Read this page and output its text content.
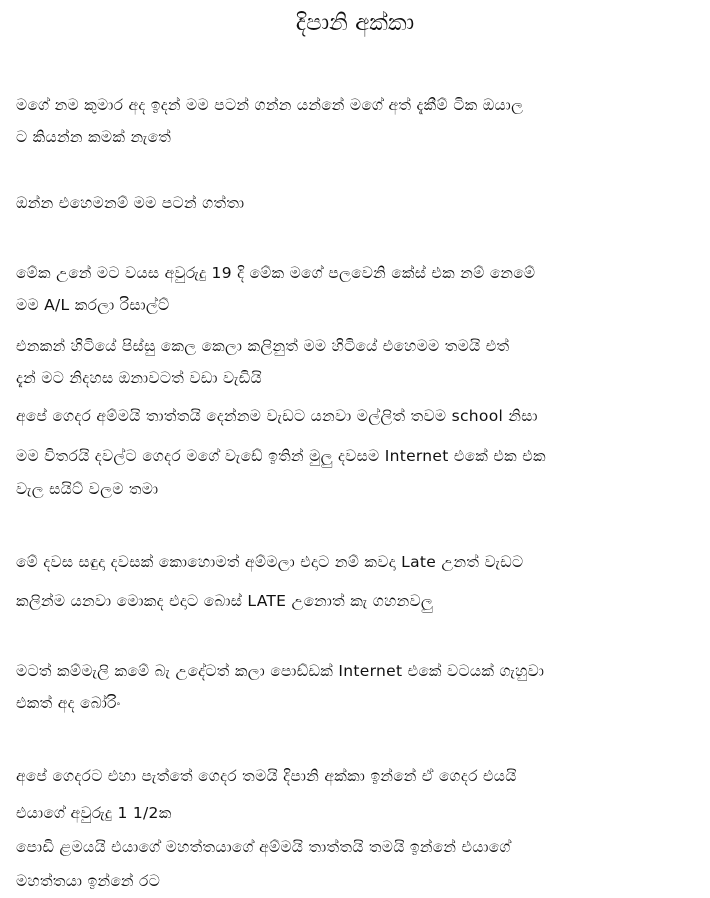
දිපානි අක්කා
මගේ නම කුමාර අද ඉදන් මම පටන් ගන්න යන්නේ මගේ අත් දැකීම් ටික ඔයාල
ට කියන්න කමක් නැතේ
ඔන්න එහෙමනම් මම පටන් ගත්තා
මේක උනේ මට වයස අවුරුදු 19 දි මේක මගේ පලවෙනි කේස් එක නම් නෙමේ
මම A/L කරලා රිසාල්ට්
එනකන් හිටියේ පිස්සු කෙල කෙලා කලිනුත් මම හිටියේ එහෙමම තමයි එත්
දැන් මට නිදහස ඔනාවටත් වඩා වැඩියි
අපේ ගෙදර අම්මයි තාත්තයි දෙන්නම වැඩට යනවා මල්ලිත් තවම school නිසා
මම විතරයි දවල්ට ගෙදර මගේ වැඩේ ඉතින් මුලු දවසම Internet එකේ එක එක
වැල සයිට් වලම තමා
මේ දවස සඳුදා දවසක් කොහොමත් අම්මලා එදාට නම් කවදා Late උනත් වැඩට
කලින්ම යනවා මොකද එදාට බොස් LATE උනොත් කැ ගහනවලු
මටත් කම්මැලි කමේ බැ උදේටත් කලා පොඩ්ඩක් Internet එකේ වටයක් ගැහුවා
එකත් අද බෝරිං
අපේ ගෙදරට එහා පැත්තේ ගෙදර තමයි දිපානි අක්කා ඉන්නේ ඒ ගෙදර එයයි
එයාගේ අවුරුදු 1 1/2ක
පොඩි ළමයයි එයාගේ මහත්තයාගේ අම්මයි තාත්තයි තමයි ඉන්නේ එයාගේ
මහත්තයා ඉන්නේ රට
